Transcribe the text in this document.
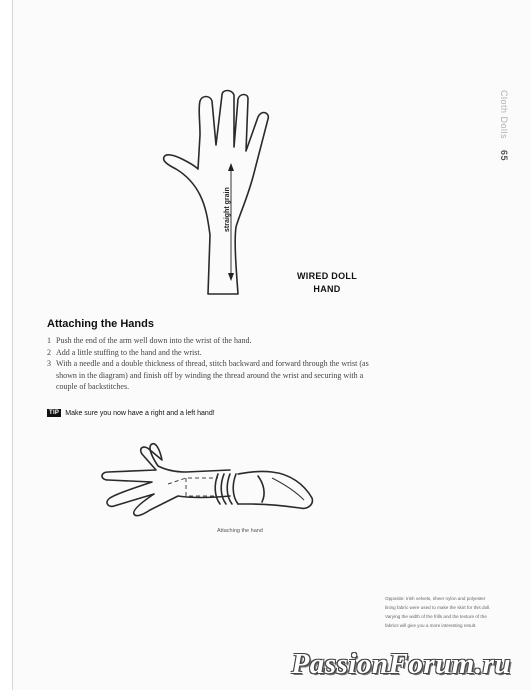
Cloth Dolls 65
straight grain
WIRED DOLL
HAND
Attaching the Hands
1 Push the end of the arm well down into the wrist of the hand.
2 Add a little stuffing to the hand and the wrist.
3 With a needle and a double thickness of thread, stitch backward and forward through the wrist (as shown in the diagram) and finish off by winding the thread around the wrist and securing with a couple of backstitches.
TIP Make sure you now have a right and a left hand!
Attaching the hand
Opposite: Irish velvets, sheer nylon and polyester lining fabric were used to make the skirt for this doll. Varying the width of the frills and the texture of the fabrics will give you a more interesting result.
PassionForum.ru
